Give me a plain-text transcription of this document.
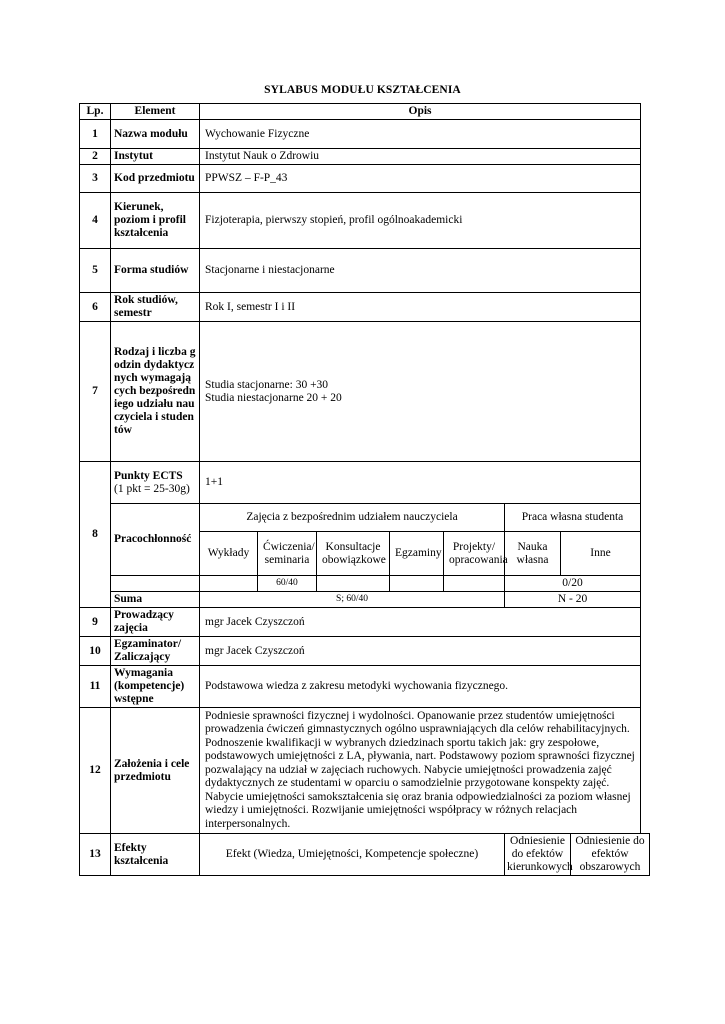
SYLABUS MODUŁU KSZTAŁCENIA
Lp.	Element	Opis							
1	Nazwa modułu	Wychowanie Fizyczne							
2	Instytut	Instytut Nauk o Zdrowiu							
3	Kod przedmiotu	PPWSZ – F-P_43							
4	Kierunek, poziom i profil kształcenia	Fizjoterapia, pierwszy stopień, profil ogólnoakademicki							
5	Forma studiów	Stacjonarne i niestacjonarne							
6	Rok studiów, semestr	Rok I, semestr I i II							
7	Rodzaj i liczba godzin dydaktycznych wymagających bezpośredniego udziału nauczyciela i studentów	Studia stacjonarne: 30 +30
Studia niestacjonarne 20 + 20							

8	Punkty ECTS
(1 pkt = 25-30g)	1+1							
	Pracochłonność	Zajęcia z bezpośrednim udziałem nauczyciela					Praca własna studenta		
		Wykłady	Ćwiczenia/ seminaria	Konsultacje obowiązkowe	Egzaminy	Projekty/ opracowania	Nauka własna	Inne	
			60/40				0/20		
	Suma	S; 60/40					N - 20		
9	Prowadzący zajęcia	mgr Jacek Czyszczoń							
10	Egzaminator/ Zaliczający	mgr Jacek Czyszczoń							
11	Wymagania (kompetencje) wstępne	Podstawowa wiedza z zakresu metodyki wychowania fizycznego.							
12	Założenia i cele przedmiotu	Podniesie sprawności fizycznej i wydolności. Opanowanie przez studentów umiejętności prowadzenia ćwiczeń gimnastycznych ogólno usprawniających dla celów rehabilitacyjnych. Podnoszenie kwalifikacji w wybranych dziedzinach sportu takich jak: gry zespołowe, podstawowych umiejętności z LA, pływania, nart. Podstawowy poziom sprawności fizycznej pozwalający na udział w zajęciach ruchowych. Nabycie umiejętności prowadzenia zajęć dydaktycznych ze studentami w oparciu o samodzielnie przygotowane konspekty zajęć. Nabycie umiejętności samokształcenia się oraz brania odpowiedzialności za poziom własnej wiedzy i umiejętności. Rozwijanie umiejętności współpracy w różnych relacjach interpersonalnych.							
13	Efekty kształcenia	Efekt (Wiedza, Umiejętności, Kompetencje społeczne)					Odniesienie do efektów kierunkowych		Odniesienie do efektów obszarowych
